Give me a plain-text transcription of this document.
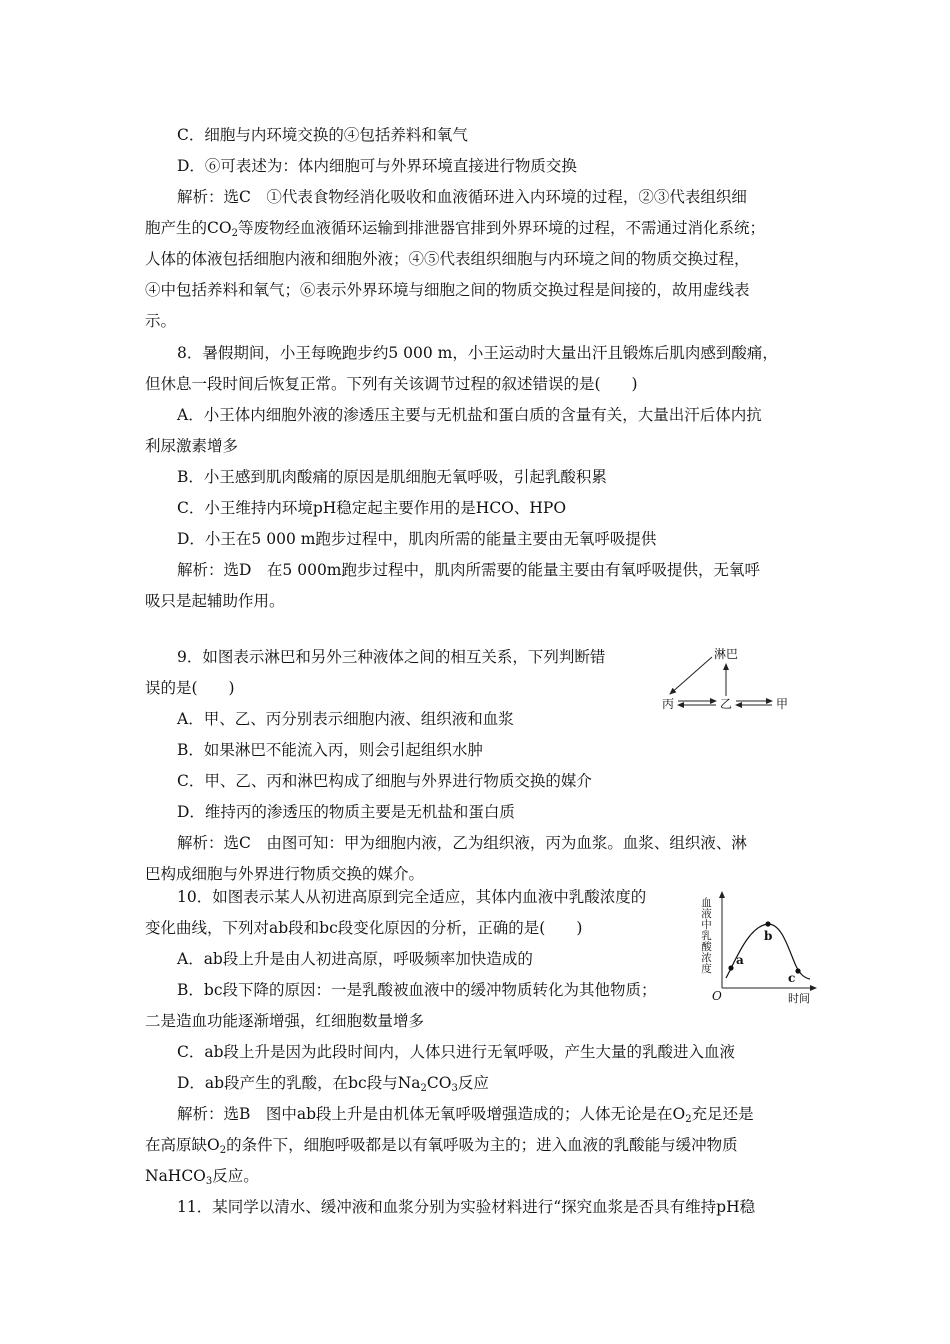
C．细胞与内环境交换的④包括养料和氧气
D．⑥可表述为：体内细胞可与外界环境直接进行物质交换
解析：选C　①代表食物经消化吸收和血液循环进入内环境的过程，②③代表组织细
胞产生的$CO_2$等废物经血液循环运输到排泄器官排到外界环境的过程，不需通过消化系统；
人体的体液包括细胞内液和细胞外液；④⑤代表组织细胞与内环境之间的物质交换过程，
④中包括养料和氧气；⑥表示外界环境与细胞之间的物质交换过程是间接的，故用虚线表
示。
8．暑假期间，小王每晚跑步约5 000 m，小王运动时大量出汗且锻炼后肌肉感到酸痛，
但休息一段时间后恢复正常。下列有关该调节过程的叙述错误的是(　　)
A．小王体内细胞外液的渗透压主要与无机盐和蛋白质的含量有关，大量出汗后体内抗
利尿激素增多
B．小王感到肌肉酸痛的原因是肌细胞无氧呼吸，引起乳酸积累
C．小王维持内环境pH稳定起主要作用的是HCO、HPO
D．小王在5 000 m跑步过程中，肌肉所需的能量主要由无氧呼吸提供
解析：选D　在5 000m跑步过程中，肌肉所需要的能量主要由有氧呼吸提供，无氧呼
吸只是起辅助作用。
9．如图表示淋巴和另外三种液体之间的相互关系，下列判断错
误的是(　　)
A．甲、乙、丙分别表示细胞内液、组织液和血浆
B．如果淋巴不能流入丙，则会引起组织水肿
C．甲、乙、丙和淋巴构成了细胞与外界进行物质交换的媒介
D．维持丙的渗透压的物质主要是无机盐和蛋白质
解析：选C　由图可知：甲为细胞内液，乙为组织液，丙为血浆。血浆、组织液、淋
巴构成细胞与外界进行物质交换的媒介。
淋巴
丙	乙	甲
10．如图表示某人从初进高原到完全适应，其体内血液中乳酸浓度的
变化曲线，下列对ab段和bc段变化原因的分析，正确的是(　　)
A．ab段上升是由人初进高原，呼吸频率加快造成的
B．bc段下降的原因：一是乳酸被血液中的缓冲物质转化为其他物质；
二是造血功能逐渐增强，红细胞数量增多
C．ab段上升是因为此段时间内，人体只进行无氧呼吸，产生大量的乳酸进入血液
D．ab段产生的乳酸，在bc段与$Na_2CO_3$反应
解析：选B　图中ab段上升是由机体无氧呼吸增强造成的；人体无论是在$O_2$充足还是
在高原缺$O_2$的条件下，细胞呼吸都是以有氧呼吸为主的；进入血液的乳酸能与缓冲物质
NaHCO$_3$反应。
O	时间
血液中乳酸浓度 a
b
c
11．某同学以清水、缓冲液和血浆分别为实验材料进行“探究血浆是否具有维持pH稳
